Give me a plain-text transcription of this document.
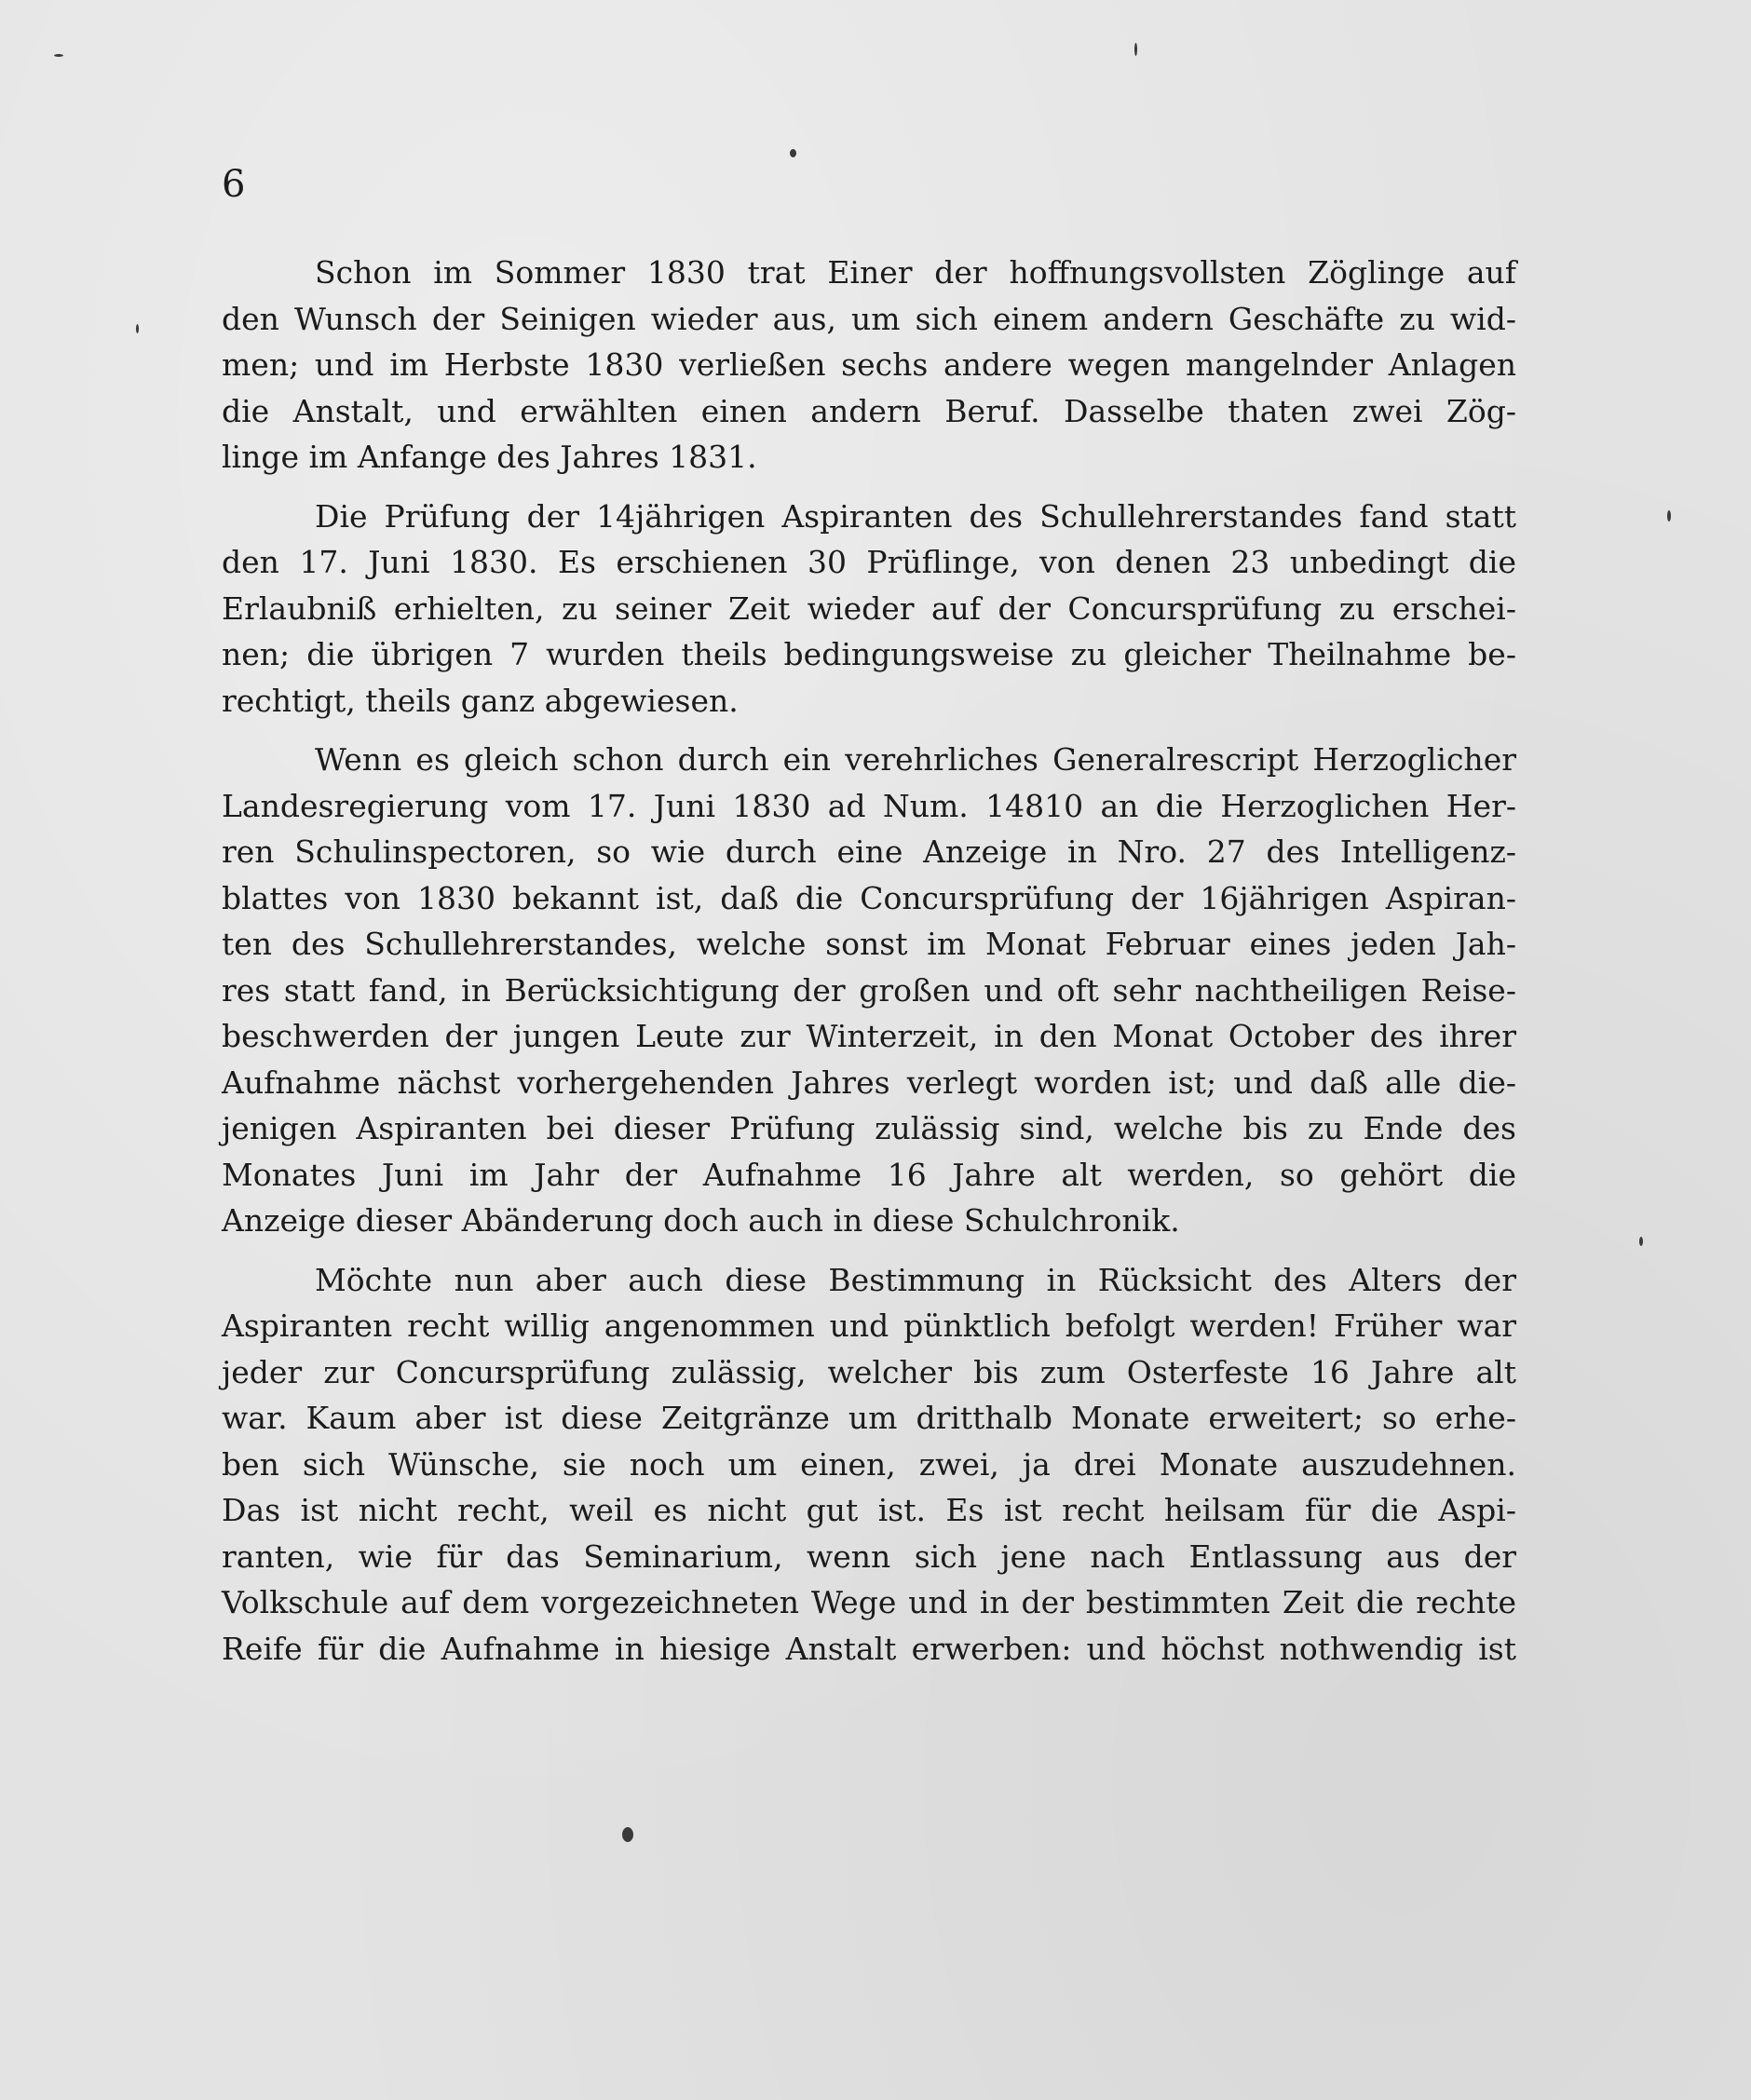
6

Schon im Sommer 1830 trat Einer der hoffnungsvollsten Zöglinge auf
den Wunsch der Seinigen wieder aus, um sich einem andern Geschäfte zu wid-
men; und im Herbste 1830 verließen sechs andere wegen mangelnder Anlagen
die Anstalt, und erwählten einen andern Beruf. Dasselbe thaten zwei Zög-
linge im Anfange des Jahres 1831.

Die Prüfung der 14jährigen Aspiranten des Schullehrerstandes fand statt
den 17. Juni 1830. Es erschienen 30 Prüflinge, von denen 23 unbedingt die
Erlaubniß erhielten, zu seiner Zeit wieder auf der Concursprüfung zu erschei-
nen; die übrigen 7 wurden theils bedingungsweise zu gleicher Theilnahme be-
rechtigt, theils ganz abgewiesen.

Wenn es gleich schon durch ein verehrliches Generalrescript Herzoglicher
Landesregierung vom 17. Juni 1830 ad Num. 14810 an die Herzoglichen Her-
ren Schulinspectoren, so wie durch eine Anzeige in Nro. 27 des Intelligenz-
blattes von 1830 bekannt ist, daß die Concursprüfung der 16jährigen Aspiran-
ten des Schullehrerstandes, welche sonst im Monat Februar eines jeden Jah-
res statt fand, in Berücksichtigung der großen und oft sehr nachtheiligen Reise-
beschwerden der jungen Leute zur Winterzeit, in den Monat October des ihrer
Aufnahme nächst vorhergehenden Jahres verlegt worden ist; und daß alle die-
jenigen Aspiranten bei dieser Prüfung zulässig sind, welche bis zu Ende des
Monates Juni im Jahr der Aufnahme 16 Jahre alt werden, so gehört die
Anzeige dieser Abänderung doch auch in diese Schulchronik.

Möchte nun aber auch diese Bestimmung in Rücksicht des Alters der
Aspiranten recht willig angenommen und pünktlich befolgt werden! Früher war
jeder zur Concursprüfung zulässig, welcher bis zum Osterfeste 16 Jahre alt
war. Kaum aber ist diese Zeitgränze um dritthalb Monate erweitert; so erhe-
ben sich Wünsche, sie noch um einen, zwei, ja drei Monate auszudehnen.
Das ist nicht recht, weil es nicht gut ist. Es ist recht heilsam für die Aspi-
ranten, wie für das Seminarium, wenn sich jene nach Entlassung aus der
Volkschule auf dem vorgezeichneten Wege und in der bestimmten Zeit die rechte
Reife für die Aufnahme in hiesige Anstalt erwerben: und höchst nothwendig ist
